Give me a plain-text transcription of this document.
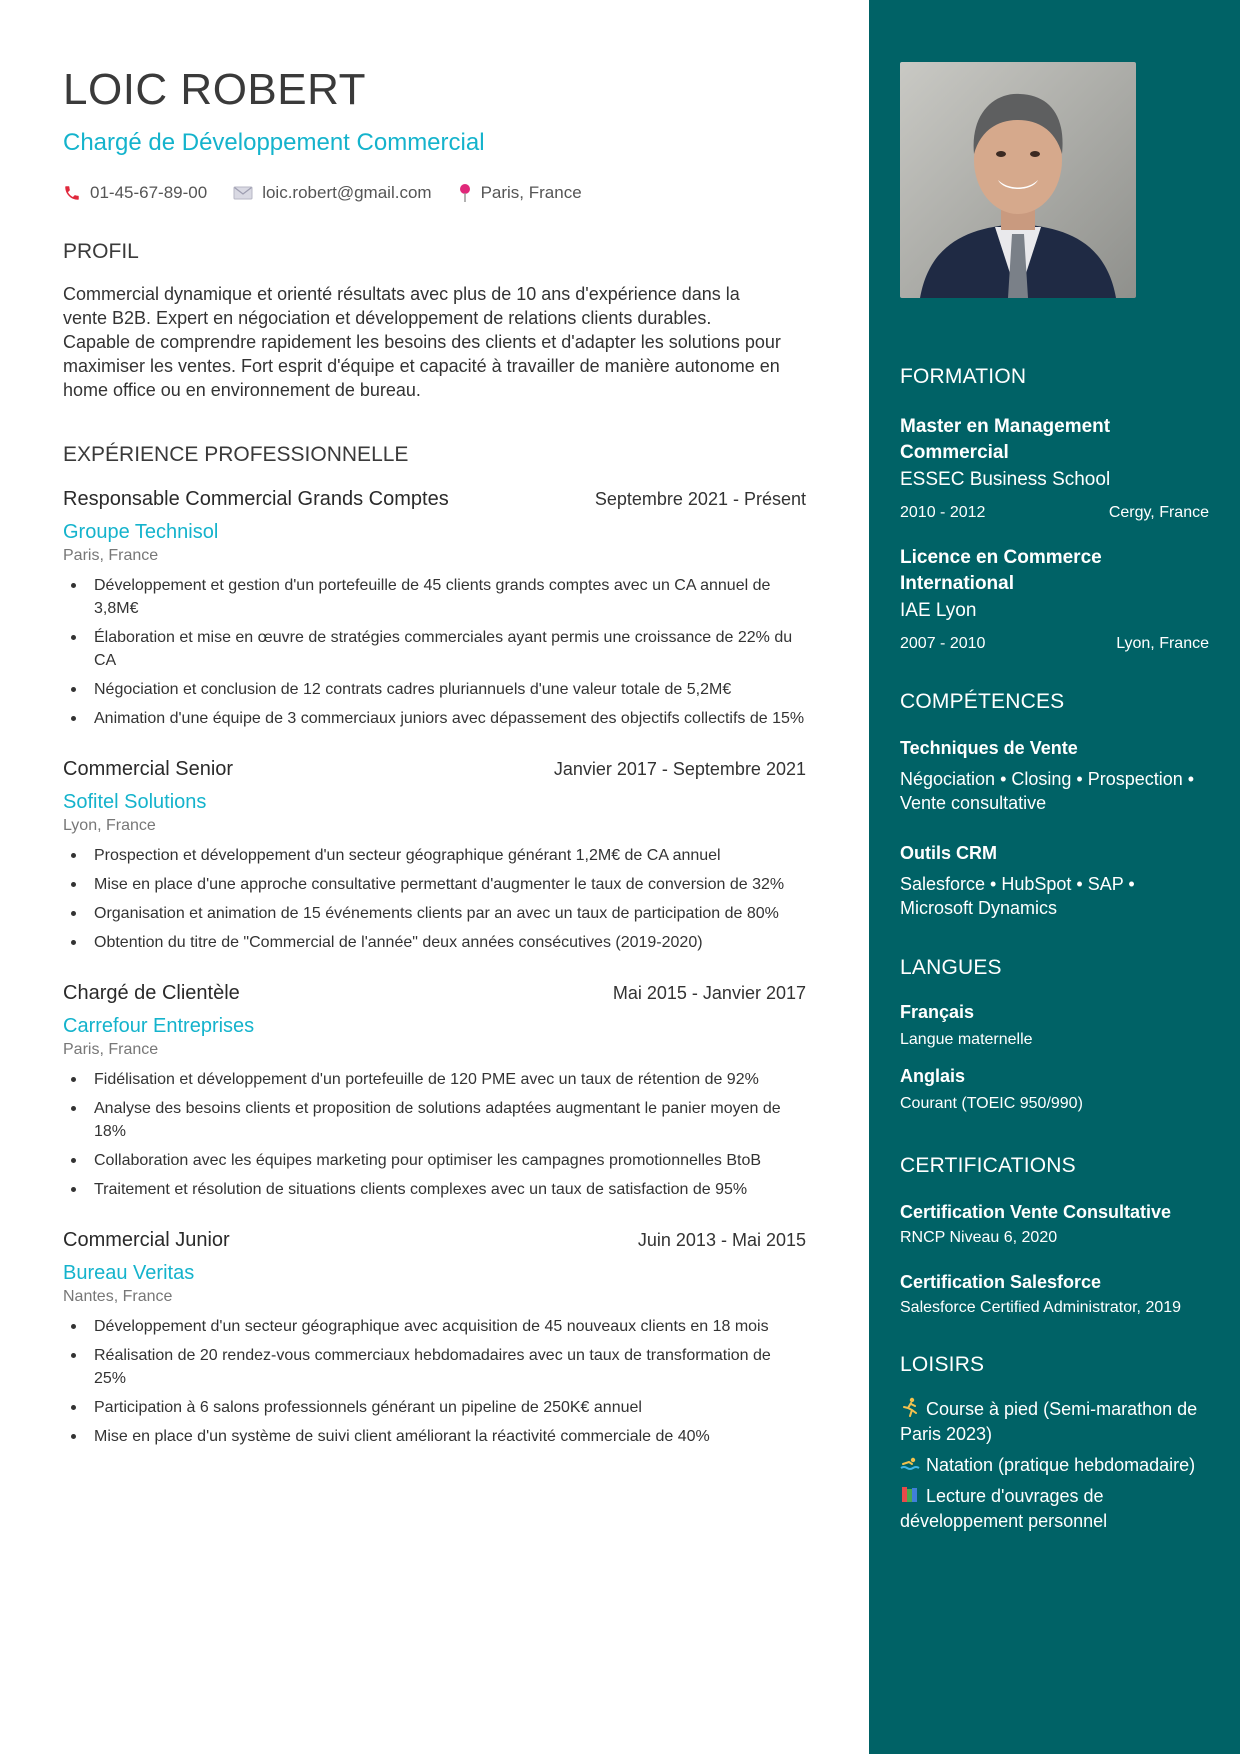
LOIC ROBERT
Chargé de Développement Commercial
01-45-67-89-00	loic.robert@gmail.com	Paris, France
PROFIL

Commercial dynamique et orienté résultats avec plus de 10 ans d'expérience dans la vente B2B. Expert en négociation et développement de relations clients durables. Capable de comprendre rapidement les besoins des clients et d'adapter les solutions pour maximiser les ventes. Fort esprit d'équipe et capacité à travailler de manière autonome en home office ou en environnement de bureau.

EXPÉRIENCE PROFESSIONNELLE
Responsable Commercial Grands Comptes	Septembre 2021 - Présent
Groupe Technisol
Paris, France
Développement et gestion d'un portefeuille de 45 clients grands comptes avec un CA annuel de 3,8M€
Élaboration et mise en œuvre de stratégies commerciales ayant permis une croissance de 22% du CA
Négociation et conclusion de 12 contrats cadres pluriannuels d'une valeur totale de 5,2M€
Animation d'une équipe de 3 commerciaux juniors avec dépassement des objectifs collectifs de 15%
Commercial Senior	Janvier 2017 - Septembre 2021
Sofitel Solutions
Lyon, France
Prospection et développement d'un secteur géographique générant 1,2M€ de CA annuel
Mise en place d'une approche consultative permettant d'augmenter le taux de conversion de 32%
Organisation et animation de 15 événements clients par an avec un taux de participation de 80%
Obtention du titre de "Commercial de l'année" deux années consécutives (2019-2020)
Chargé de Clientèle	Mai 2015 - Janvier 2017
Carrefour Entreprises
Paris, France
Fidélisation et développement d'un portefeuille de 120 PME avec un taux de rétention de 92%
Analyse des besoins clients et proposition de solutions adaptées augmentant le panier moyen de 18%
Collaboration avec les équipes marketing pour optimiser les campagnes promotionnelles BtoB
Traitement et résolution de situations clients complexes avec un taux de satisfaction de 95%
Commercial Junior	Juin 2013 - Mai 2015
Bureau Veritas
Nantes, France
Développement d'un secteur géographique avec acquisition de 45 nouveaux clients en 18 mois
Réalisation de 20 rendez-vous commerciaux hebdomadaires avec un taux de transformation de 25%
Participation à 6 salons professionnels générant un pipeline de 250K€ annuel
Mise en place d'un système de suivi client améliorant la réactivité commerciale de 40%
FORMATION
Master en Management Commercial
ESSEC Business School
2010 - 2012	Cergy, France
Licence en Commerce International
IAE Lyon
2007 - 2010	Lyon, France
COMPÉTENCES
Techniques de Vente
Négociation • Closing • Prospection • Vente consultative
Outils CRM
Salesforce • HubSpot • SAP • Microsoft Dynamics
LANGUES
Français
Langue maternelle
Anglais
Courant (TOEIC 950/990)
CERTIFICATIONS
Certification Vente Consultative
RNCP Niveau 6, 2020
Certification Salesforce
Salesforce Certified Administrator, 2019
LOISIRS
Course à pied (Semi-marathon de Paris 2023)
Natation (pratique hebdomadaire)
Lecture d'ouvrages de développement personnel
